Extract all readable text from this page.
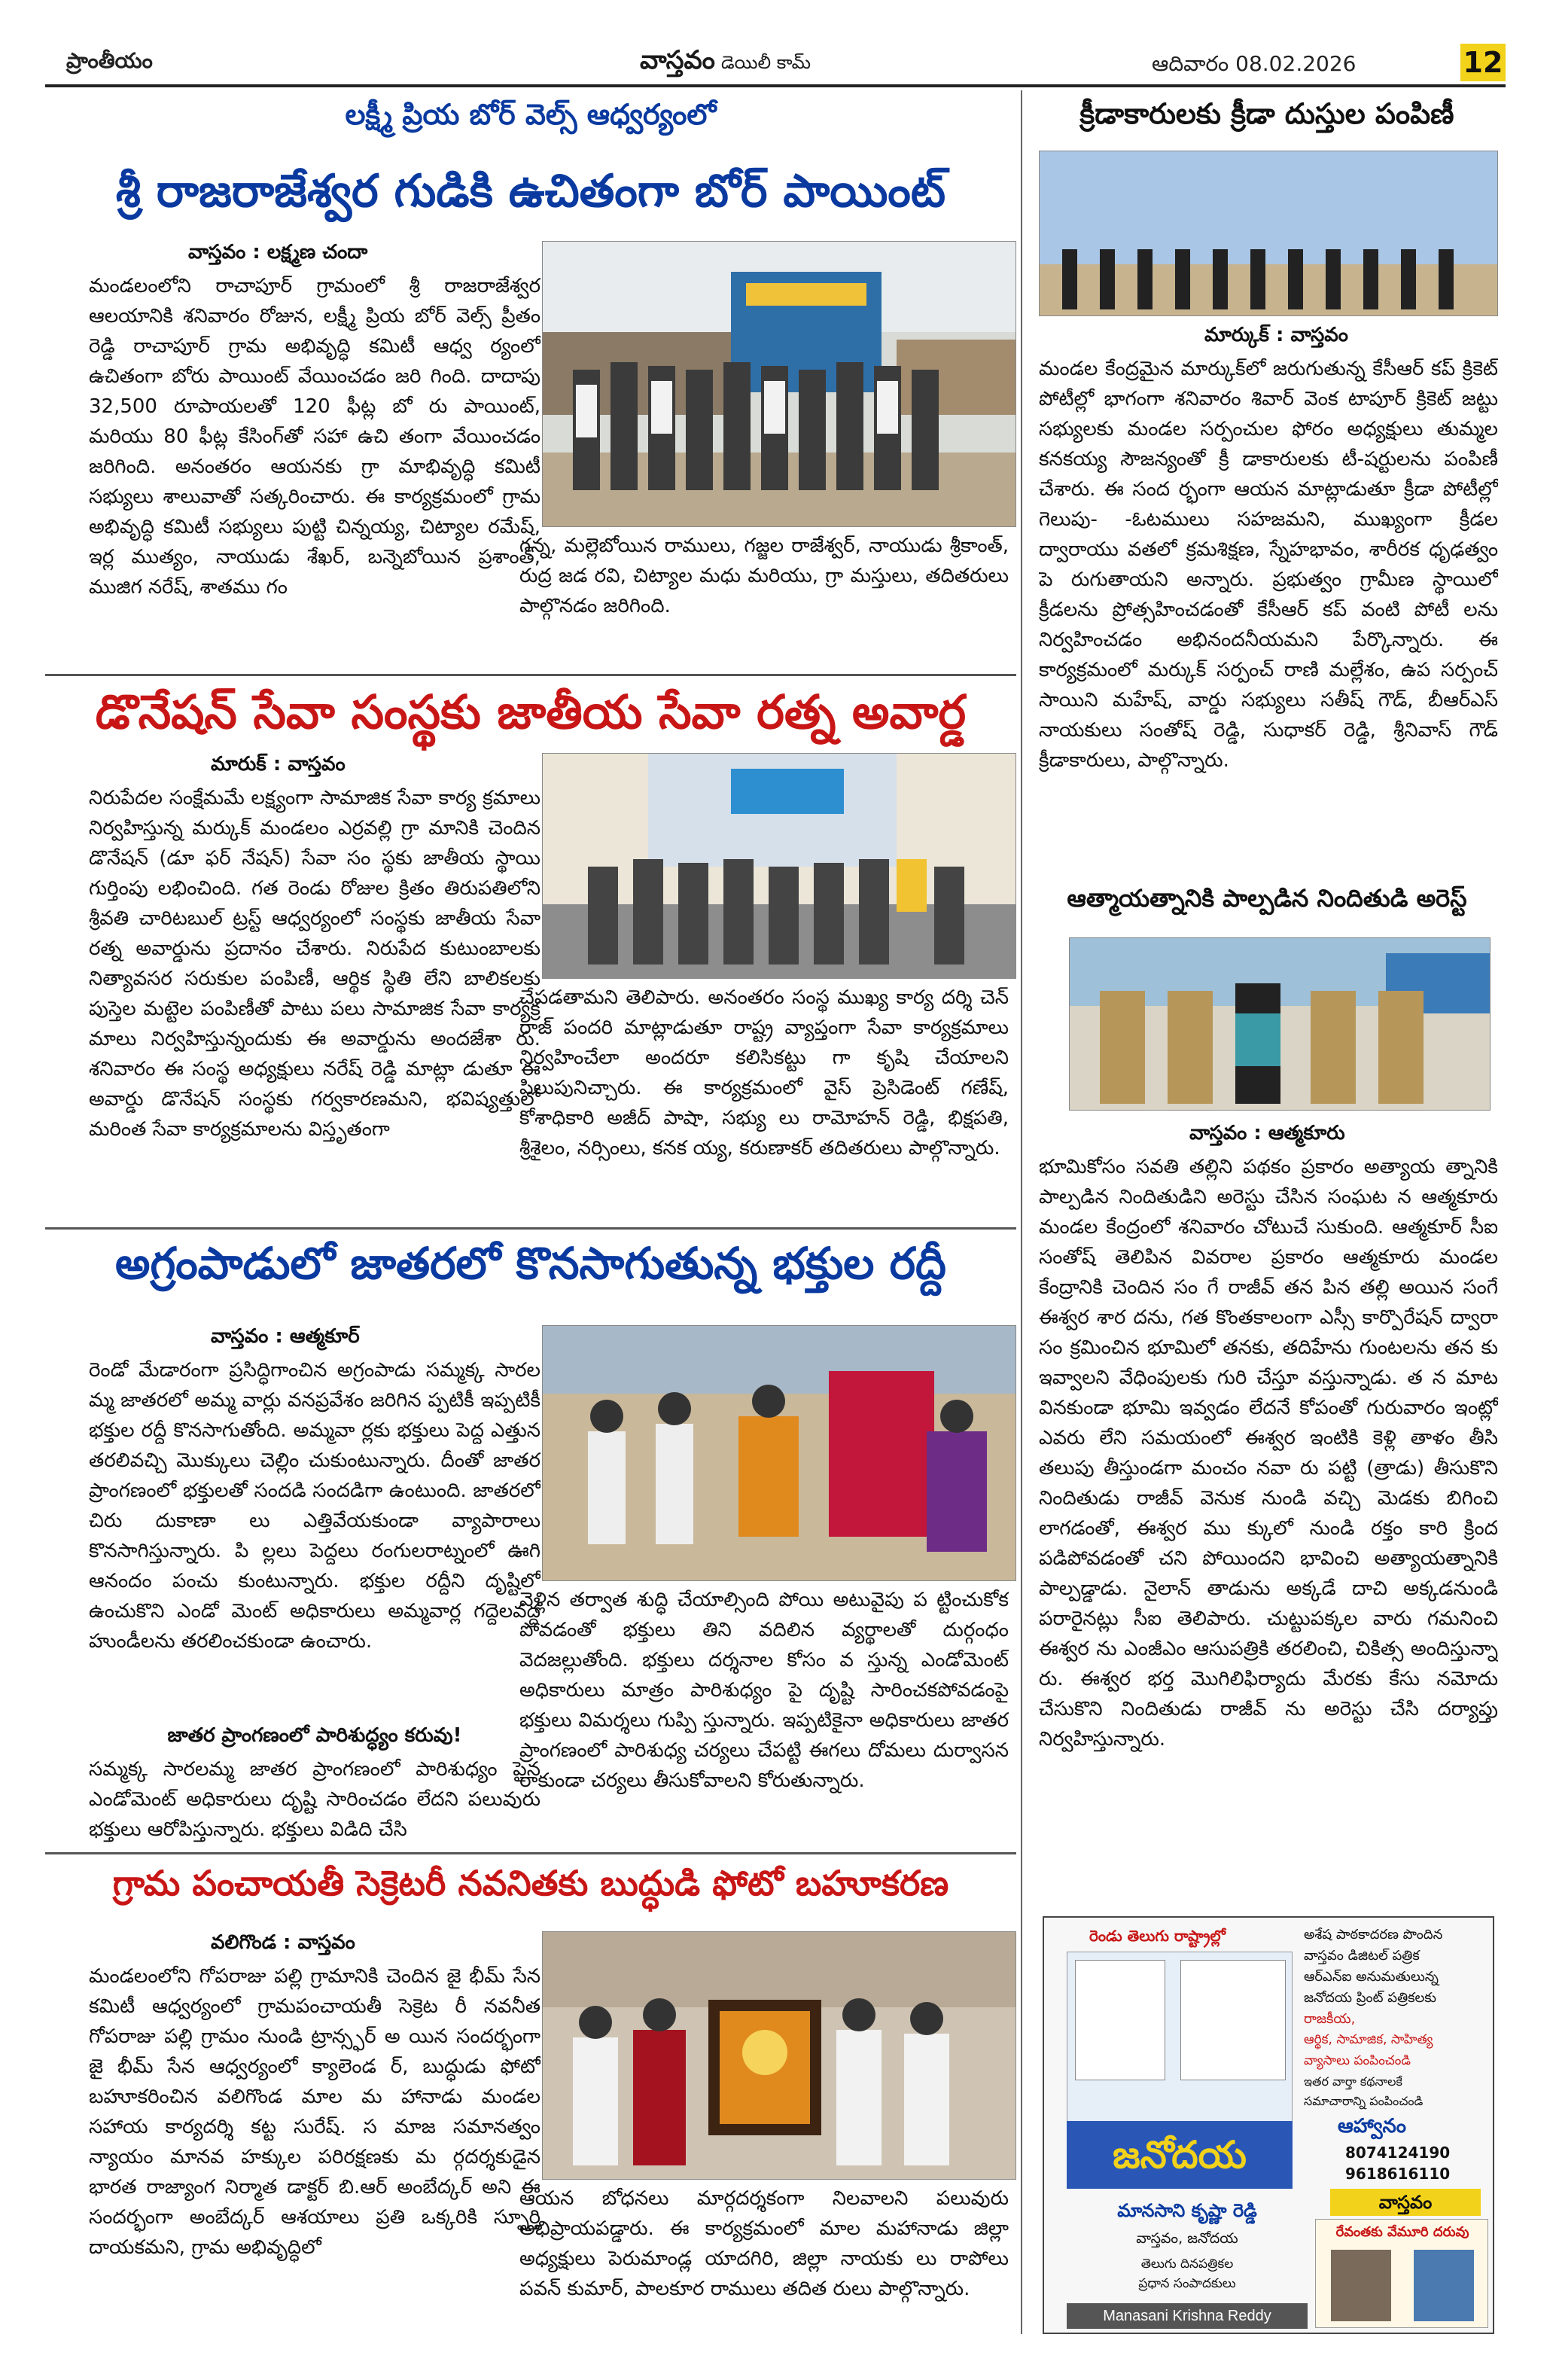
ప్రాంతీయం	వాస్తవం డెయిలీ‌ కామ్	ఆదివారం 08.02.2026	12
లక్ష్మీ ప్రియ బోర్ వెల్స్ ఆధ్వర్యంలో
శ్రీ రాజరాజేశ్వర గుడికి ఉచితంగా బోర్ పాయింట్
వాస్తవం : లక్ష్మణ చందా
మండలంలోని రాచాపూర్ గ్రామంలో శ్రీ రాజరాజేశ్వర ఆలయానికి శనివారం రోజున, లక్ష్మీ ప్రియ బోర్ వెల్స్ ప్రీతం రెడ్డి రాచాపూర్ గ్రామ అభివృద్ధి కమిటీ ఆధ్వ ర్యంలో ఉచితంగా బోరు పాయింట్ వేయించడం జరి గింది. దాదాపు 32,500 రూపాయలతో 120 ఫీట్ల బో రు పాయింట్, మరియు 80 ఫీట్ల కేసింగ్‌తో సహా ఉచి తంగా వేయించడం జరిగింది. అనంతరం ఆయనకు గ్రా మాభివృద్ధి కమిటీ సభ్యులు శాలువాతో సత్కరించారు. ఈ కార్యక్రమంలో గ్రామ అభివృద్ధి కమిటీ సభ్యులు పుట్టి చిన్నయ్య, చిట్యాల రమేష్, ఇర్ల ముత్యం, నాయుడు శేఖర్, బన్నెబోయిన ప్రశాంత్, ముజిగ నరేష్, శాతము గం
గన్న, మల్లెబోయిన రాములు, గజ్జల రాజేశ్వర్, నాయుడు శ్రీకాంత్, రుద్ర జడ రవి, చిట్యాల మధు మరియు, గ్రా మస్తులు, తదితరులు పాల్గొనడం జరిగింది.
డొనేషన్ సేవా సంస్థకు జాతీయ సేవా రత్న అవార్డ
మారుక్ : వాస్తవం
నిరుపేదల సంక్షేమమే లక్ష్యంగా సామాజిక సేవా కార్య క్రమాలు నిర్వహిస్తున్న మర్కుక్ మండలం ఎర్రవల్లి గ్రా మానికి చెందిన డొనేషన్ (డూ ఫర్ నేషన్) సేవా సం స్థకు జాతీయ స్థాయి గుర్తింపు లభించింది. గత రెండు రోజుల క్రితం తిరుపతిలోని శ్రీవతి చారిటబుల్ ట్రస్ట్ ఆధ్వర్యంలో సంస్థకు జాతీయ సేవా రత్న అవార్డును ప్రదానం చేశారు. నిరుపేద కుటుంబాలకు నిత్యావసర సరుకుల పంపిణీ, ఆర్థిక స్థితి లేని బాలికలకు పుస్తెల మట్టెల పంపిణీతో పాటు పలు సామాజిక సేవా కార్యక్ర మాలు నిర్వహిస్తున్నందుకు ఈ అవార్డును అందజేశా రు. శనివారం ఈ సంస్థ అధ్యక్షులు నరేష్ రెడ్డి మాట్లా డుతూ ఈ అవార్డు డొనేషన్ సంస్థకు గర్వకారణమని, భవిష్యత్తులో మరింత సేవా కార్యక్రమాలను విస్తృతంగా
చేపడతామని తెలిపారు. అనంతరం సంస్థ ముఖ్య కార్య దర్శి చెన్ రాజ్ పందరి మాట్లాడుతూ రాష్ట్ర వ్యాప్తంగా సేవా కార్యక్రమాలు నిర్వహించేలా అందరూ కలిసికట్టు గా కృషి చేయాలని పిలుపునిచ్చారు. ఈ కార్యక్రమంలో వైస్ ప్రెసిడెంట్ గణేష్, కోశాధికారి అజీద్ పాషా, సభ్యు లు రామోహన్ రెడ్డి, భిక్షపతి, శ్రీశైలం, నర్సింలు, కనక య్య, కరుణాకర్ తదితరులు పాల్గొన్నారు.
అగ్రంపాడులో జాతరలో కొనసాగుతున్న భక్తుల రద్దీ
వాస్తవం : ఆత్మకూర్
రెండో మేడారంగా ప్రసిద్ధిగాంచిన అగ్రంపాడు సమ్మక్క సారల మ్మ జాతరలో అమ్మ వార్లు వనప్రవేశం జరిగిన ప్పటికీ ఇప్పటికీ భక్తుల రద్దీ కొనసాగుతోంది. అమ్మవా ర్లకు భక్తులు పెద్ద ఎత్తున తరలివచ్చి మొక్కులు చెల్లిం చుకుంటున్నారు. దీంతో జాతర ప్రాంగణంలో భక్తులతో సందడి సందడిగా ఉంటుంది. జాతరలో చిరు దుకాణా లు ఎత్తివేయకుండా వ్యాపారాలు కొనసాగిస్తున్నారు. పి ల్లలు పెద్దలు రంగులరాట్నంలో ఊగి ఆనందం పంచు కుంటున్నారు. భక్తుల రద్దీని దృష్టిలో ఉంచుకొని ఎండో మెంట్ అధికారులు అమ్మవార్ల గద్దెలవద్ద హుండీలను తరలించకుండా ఉంచారు.
జాతర ప్రాంగణంలో పారిశుద్ధ్యం కరువు!
సమ్మక్క సారలమ్మ జాతర ప్రాంగణంలో పారిశుధ్యం పైన ఎండోమెంట్ అధికారులు దృష్టి సారించడం లేదని పలువురు భక్తులు ఆరోపిస్తున్నారు. భక్తులు విడిది చేసి
వెళ్లిన తర్వాత శుద్ధి చేయాల్సింది పోయి అటువైపు ప ట్టించుకోక పోవడంతో భక్తులు తిని వదిలిన వ్యర్థాలతో దుర్గంధం వెదజల్లుతోంది. భక్తులు దర్శనాల కోసం వ స్తున్న ఎండోమెంట్ అధికారులు మాత్రం పారిశుధ్యం పై దృష్టి సారించకపోవడంపై భక్తులు విమర్శలు గుప్పి స్తున్నారు. ఇప్పటికైనా అధికారులు జాతర ప్రాంగణంలో పారిశుధ్య చర్యలు చేపట్టి ఈగలు దోమలు దుర్వాసన రాకుండా చర్యలు తీసుకోవాలని కోరుతున్నారు.
గ్రామ పంచాయతీ సెక్రెటరీ నవనితకు బుద్ధుడి ఫోటో బహూకరణ
వలిగొండ : వాస్తవం
మండలంలోని గోపరాజు పల్లి గ్రామానికి చెందిన జై భీమ్ సేన కమిటీ ఆధ్వర్యంలో గ్రామపంచాయతీ సెక్రెట రీ నవనీత గోపరాజు పల్లి గ్రామం నుండి ట్రాన్స్ఫర్ అ యిన సందర్భంగా జై భీమ్ సేన ఆధ్వర్యంలో క్యాలెండ ర్, బుద్ధుడు ఫోటో బహూకరించిన వలిగొండ మాల మ హానాడు మండల సహాయ కార్యదర్శి కట్ట సురేష్. స మాజ సమానత్వం న్యాయం మానవ హక్కుల పరిరక్షణకు మ ర్గదర్శకుడైన భారత రాజ్యాంగ నిర్మాత డాక్టర్ బి.ఆర్ అంబేద్కర్ అని ఈ సందర్భంగా అంబేద్కర్ ఆశయాలు ప్రతి ఒక్కరికి స్ఫూర్తి దాయకమని, గ్రామ అభివృద్ధిలో
ఆయన బోధనలు మార్గదర్శకంగా నిలవాలని పలువురు అభిప్రాయపడ్డారు. ఈ కార్యక్రమంలో మాల మహానాడు జిల్లా అధ్యక్షులు పెరుమాండ్ల యాదగిరి, జిల్లా నాయకు లు రాపోలు పవన్ కుమార్, పాలకూర రాములు తదిత రులు పాల్గొన్నారు.
క్రీడాకారులకు క్రీడా దుస్తుల పంపిణీ
మార్కుక్ : వాస్తవం
మండల కేంద్రమైన మార్కుక్‌లో జరుగుతున్న కేసీఆర్ కప్ క్రికెట్ పోటీల్లో భాగంగా శనివారం శివార్ వెంక టాపూర్ క్రికెట్ జట్టు సభ్యులకు మండల సర్పంచుల ఫోరం అధ్యక్షులు తుమ్మల కనకయ్య సౌజన్యంతో క్రీ డాకారులకు టీ-షర్టులను పంపిణీ చేశారు. ఈ సంద ర్భంగా ఆయన మాట్లాడుతూ క్రీడా పోటీల్లో గెలుపు- -ఓటములు సహజమని, ముఖ్యంగా క్రీడల ద్వారాయు వతలో క్రమశిక్షణ, స్నేహభావం, శారీరక ధృఢత్వం పె రుగుతాయని అన్నారు. ప్రభుత్వం గ్రామీణ స్థాయిలో క్రీడలను ప్రోత్సహించడంతో కేసీఆర్ కప్ వంటి పోటీ లను నిర్వహించడం అభినందనీయమని పేర్కొన్నారు. ఈ కార్యక్రమంలో మర్కుక్ సర్పంచ్ రాణి మల్లేశం, ఉప సర్పంచ్ సాయిని మహేష్, వార్డు సభ్యులు సతీష్ గౌడ్, బీఆర్ఎస్ నాయకులు సంతోష్ రెడ్డి, సుధాకర్ రెడ్డి, శ్రీనివాస్ గౌడ్ క్రీడాకారులు, పాల్గొన్నారు.
ఆత్మాయత్నానికి పాల్పడిన నిందితుడి అరెస్ట్
వాస్తవం : ఆత్మకూరు
భూమికోసం సవతి తల్లిని పథకం ప్రకారం అత్యాయ త్నానికి పాల్పడిన నిందితుడిని అరెస్టు చేసిన సంఘట న ఆత్మకూరు మండల కేంద్రంలో శనివారం చోటుచే సుకుంది. ఆత్మకూర్ సీఐ సంతోష్ తెలిపిన వివరాల ప్రకారం ఆత్మకూరు మండల కేంద్రానికి చెందిన సం గే రాజీవ్ తన పిన తల్లి అయిన సంగే ఈశ్వర శార దను, గత కొంతకాలంగా ఎస్సీ కార్పొరేషన్ ద్వారా సం క్రమించిన భూమిలో తనకు, తదిహేను గుంటలను తన కు ఇవ్వాలని వేధింపులకు గురి చేస్తూ వస్తున్నాడు. త న మాట వినకుండా భూమి ఇవ్వడం లేదనే కోపంతో గురువారం ఇంట్లో ఎవరు లేని సమయంలో ఈశ్వర ఇంటికి కెళ్లి తాళం తీసి తలుపు తీస్తుండగా మంచం నవా రు పట్టి (త్రాడు) తీసుకొని నిందితుడు రాజీవ్ వెనుక నుండి వచ్చి మెడకు బిగించి లాగడంతో, ఈశ్వర ము క్కులో నుండి రక్తం కారి క్రింద పడిపోవడంతో చని పోయిందని భావించి అత్యాయత్నానికి పాల్పడ్డాడు. నైలాన్ తాడును అక్కడే దాచి అక్కడనుండి పరారైనట్లు సీఐ తెలిపారు. చుట్టుపక్కల వారు గమనించి ఈశ్వర ను ఎంజీఎం ఆసుపత్రికి తరలించి, చికిత్స అందిస్తున్నా రు. ఈశ్వర భర్త మొగిలిఫిర్యాదు మేరకు కేసు నమోదు చేసుకొని నిందితుడు రాజీవ్ ను అరెస్టు చేసి దర్యాప్తు నిర్వహిస్తున్నారు.
రెండు తెలుగు రాష్ట్రాల్లో	అశేష పాఠకాదరణ పొందిన
వాస్తవం డిజిటల్ పత్రిక
ఆర్ఎన్ఐ అనుమతులున్న
జనోదయ ప్రింట్ పత్రికలకు
రాజకీయ,
ఆర్థిక, సామాజిక, సాహిత్య
వ్యాసాలు పంపించండి
ఇతర వార్తా కథనాలకే
సమాచారాన్ని పంపించండి
ఆహ్వానం
8074124190
9618616110
జనోదయ
వాస్తవం
మానసాని కృష్ణా రెడ్డి
వాస్తవం, జనోదయ
తెలుగు దినపత్రికల
ప్రధాన సంపాదకులు
Manasani Krishna Reddy
రేవంతకు వేమూరి దరువు
